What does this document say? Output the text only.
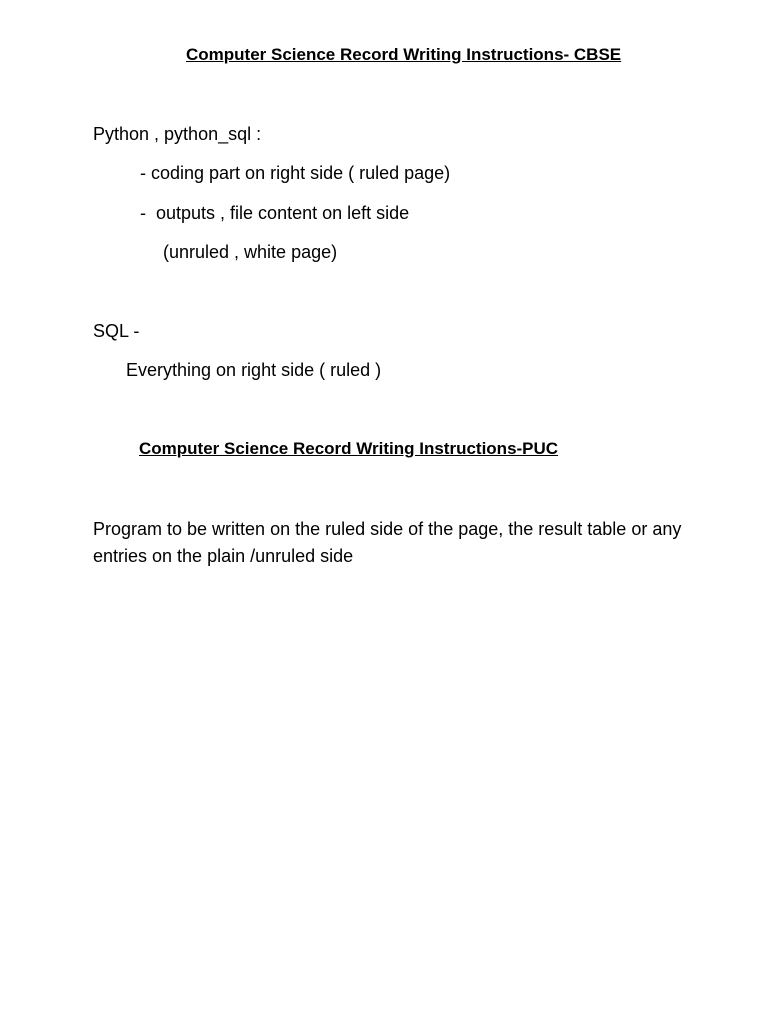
Computer Science Record Writing Instructions- CBSE

Python , python_sql :

- coding part on right side ( ruled page)

-  outputs , file content on left side

(unruled , white page)

SQL -

Everything on right side ( ruled )

Computer Science Record Writing Instructions-PUC

Program to be written on the ruled side of the page, the result table or any entries on the plain /unruled side
